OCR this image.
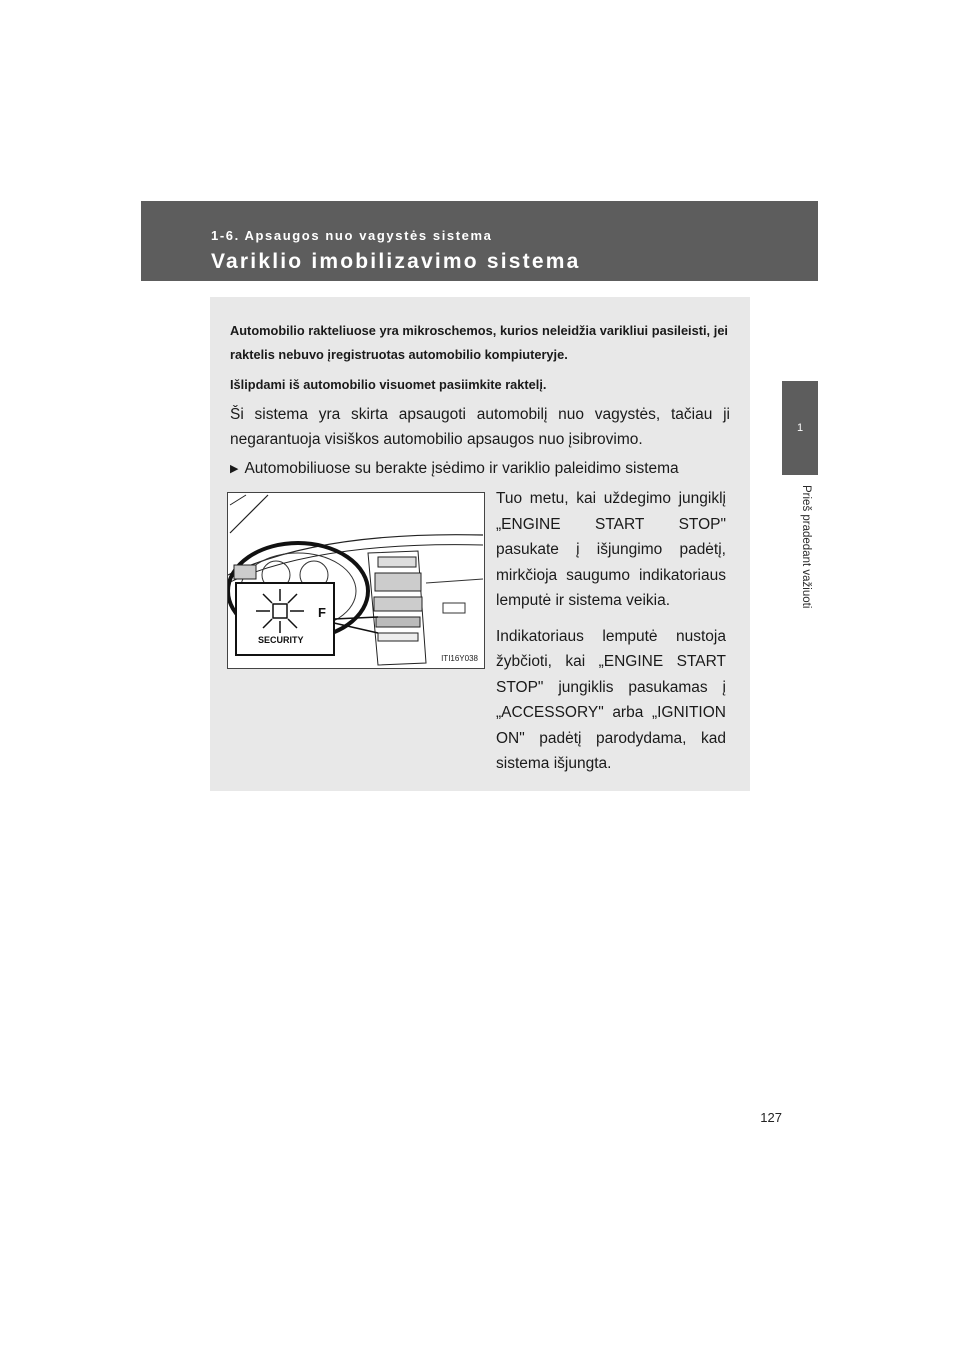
1-6. Apsaugos nuo vagystės sistema
Variklio imobilizavimo sistema
1
Prieš pradedant važiuoti

Automobilio rakteliuose yra mikroschemos, kurios neleidžia varikliui pasileisti, jei raktelis nebuvo įregistruotas automobilio kompiuteryje.

Išlipdami iš automobilio visuomet pasiimkite raktelį.

Ši sistema yra skirta apsaugoti automobilį nuo vagystės, tačiau ji negarantuoja visiškos automobilio apsaugos nuo įsibrovimo.

▶ Automobiliuose su berakte įsėdimo ir variklio paleidimo sistema
F
SECURITY
ITI16Y038

Tuo metu, kai uždegimo jungiklį „ENGINE START STOP" pasukate į išjungimo padėtį, mirkčioja saugumo indikatoriaus lemputė ir sistema veikia.

Indikatoriaus lemputė nustoja žybčioti, kai „ENGINE START STOP" jungiklis pasukamas į „ACCESSORY" arba „IGNITION ON" padėtį parodydama, kad sistema išjungta.

127
